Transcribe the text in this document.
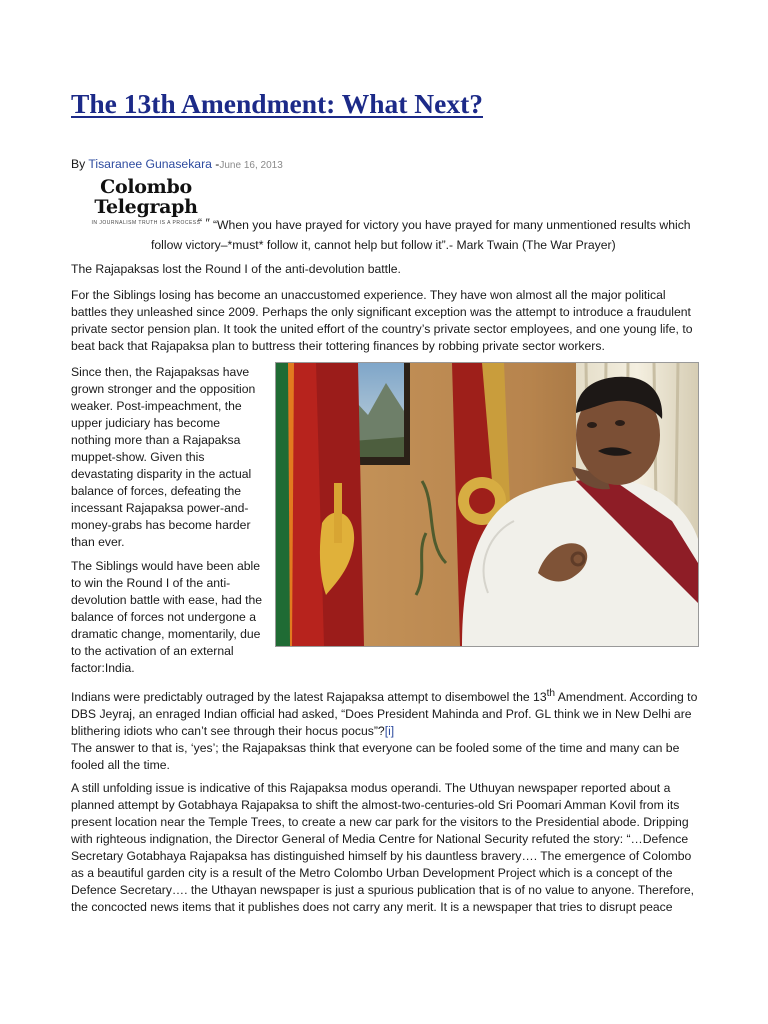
The 13th Amendment: What Next?
By Tisaranee Gunasekara -June 16, 2013
Colombo
Telegraph
IN JOURNALISM TRUTH IS A PROCESS
“ ″ “When you have prayed for victory you have prayed for many unmentioned results which
follow victory–*must* follow it, cannot help but follow it”.- Mark Twain (The War Prayer)

The Rajapaksas lost the Round I of the anti-devolution battle.

For the Siblings losing has become an unaccustomed experience. They have won almost all the major political battles they unleashed since 2009. Perhaps the only significant exception was the attempt to introduce a fraudulent private sector pension plan. It took the united effort of the country’s private sector employees, and one young life, to beat back that Rajapaksa plan to buttress their tottering finances by robbing private sector workers.

Since then, the Rajapaksas have grown stronger and the opposition weaker. Post-impeachment, the upper judiciary has become nothing more than a Rajapaksa muppet-show. Given this devastating disparity in the actual balance of forces, defeating the incessant Rajapaksa power-and-money-grabs has become harder than ever.

The Siblings would have been able to win the Round I of the anti-devolution battle with ease, had the balance of forces not undergone a dramatic change, momentarily, due to the activation of an external factor:India.

Indians were predictably outraged by the latest Rajapaksa attempt to disembowel the 13th Amendment. According to DBS Jeyraj, an enraged Indian official had asked, “Does President Mahinda and Prof. GL think we in New Delhi are blithering idiots who can’t see through their hocus pocus”?[i]
The answer to that is, ‘yes’; the Rajapaksas think that everyone can be fooled some of the time and many can be fooled all the time.

A still unfolding issue is indicative of this Rajapaksa modus operandi. The Uthuyan newspaper reported about a planned attempt by Gotabhaya Rajapaksa to shift the almost-two-centuries-old Sri Poomari Amman Kovil from its present location near the Temple Trees, to create a new car park for the visitors to the Presidential abode. Dripping with righteous indignation, the Director General of Media Centre for National Security refuted the story: “…Defence Secretary Gotabhaya Rajapaksa has distinguished himself by his dauntless bravery…. The emergence of Colombo as a beautiful garden city is a result of the Metro Colombo Urban Development Project which is a concept of the Defence Secretary…. the Uthayan newspaper is just a spurious publication that is of no value to anyone. Therefore, the concocted news items that it publishes does not carry any merit. It is a newspaper that tries to disrupt peace
